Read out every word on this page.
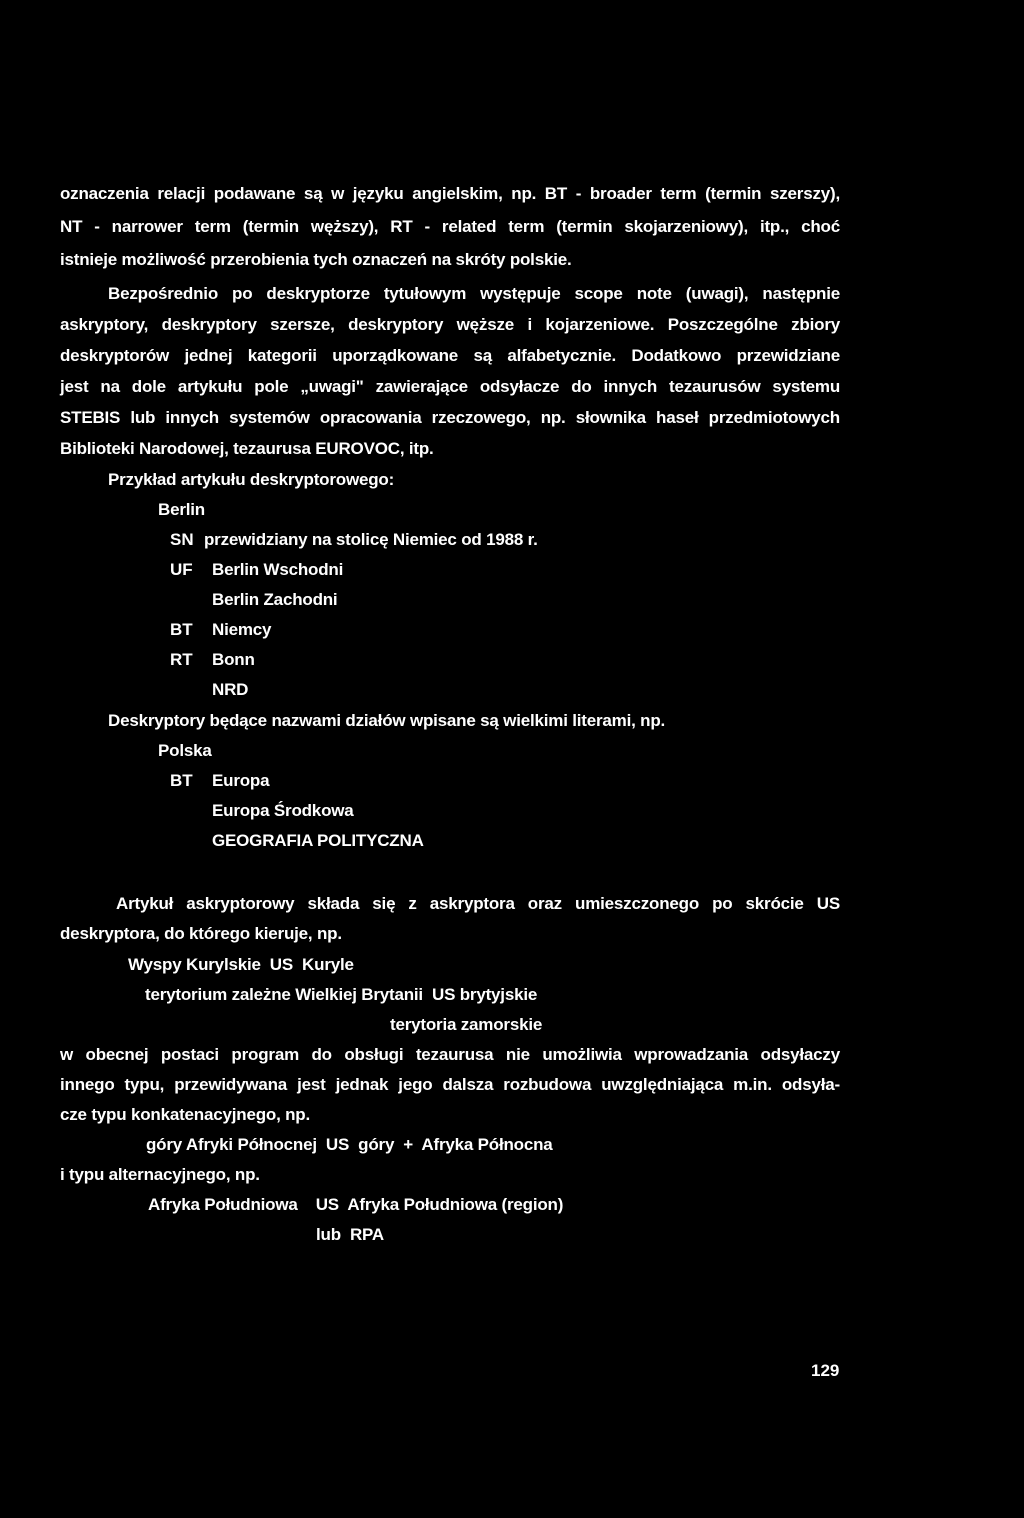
oznaczenia relacji podawane są w języku angielskim, np. BT - broader term (termin szerszy),
NT - narrower term (termin węższy), RT - related term (termin skojarzeniowy), itp., choć
istnieje możliwość przerobienia tych oznaczeń na skróty polskie.
Bezpośrednio po deskryptorze tytułowym występuje scope note (uwagi), następnie
askryptory, deskryptory szersze, deskryptory węższe i kojarzeniowe. Poszczególne zbiory
deskryptorów jednej kategorii uporządkowane są alfabetycznie. Dodatkowo przewidziane
jest na dole artykułu pole „uwagi" zawierające odsyłacze do innych tezaurusów systemu
STEBIS lub innych systemów opracowania rzeczowego, np. słownika haseł przedmiotowych
Biblioteki Narodowej, tezaurusa EUROVOC, itp.
Przykład artykułu deskryptorowego:
Berlin
SN przewidziany na stolicę Niemiec od 1988 r.
UF Berlin Wschodni
Berlin Zachodni
BT Niemcy
RT Bonn
NRD
Deskryptory będące nazwami działów wpisane są wielkimi literami, np.
Polska
BT Europa
Europa Środkowa
GEOGRAFIA POLITYCZNA
Artykuł askryptorowy składa się z askryptora oraz umieszczonego po skrócie US
deskryptora, do którego kieruje, np.
Wyspy Kurylskie  US  Kuryle
terytorium zależne Wielkiej Brytanii  US brytyjskie
terytoria zamorskie
w obecnej postaci program do obsługi tezaurusa nie umożliwia wprowadzania odsyłaczy
innego typu, przewidywana jest jednak jego dalsza rozbudowa uwzględniająca m.in. odsyła-
cze typu konkatenacyjnego, np.
góry Afryki Północnej  US  góry  +  Afryka Północna
i typu alternacyjnego, np.
Afryka Południowa    US  Afryka Południowa (region)
lub  RPA
129
